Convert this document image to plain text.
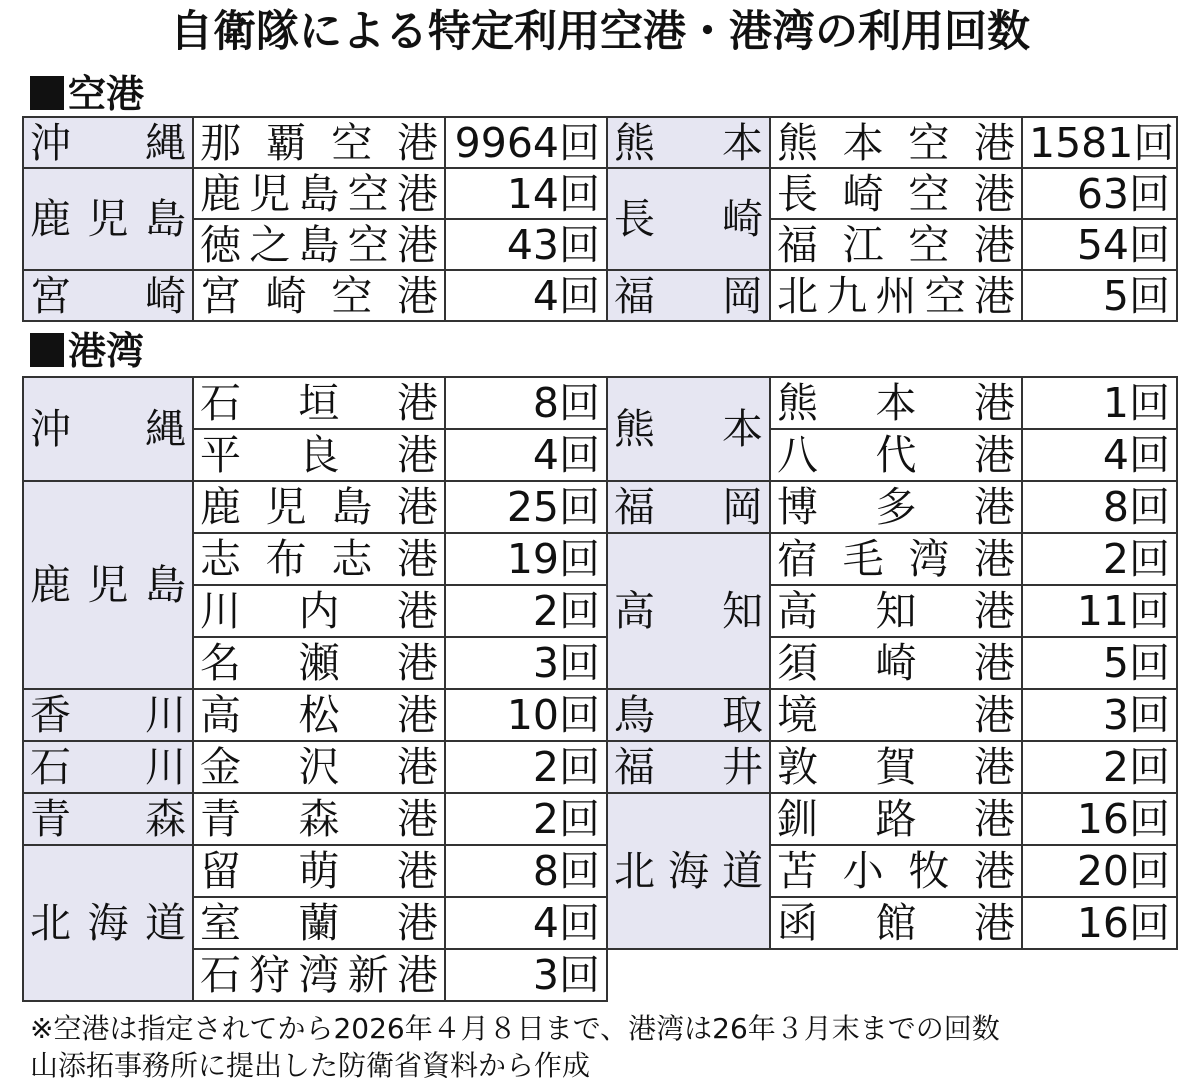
自衛隊による特定利用空港・港湾の利用回数
空港
沖縄	那覇空港	9964回	熊本	熊本空港	1581回
鹿児島	鹿児島空港	14回	長崎	長崎空港	63回
	徳之島空港	43回		福江空港	54回
宮崎	宮崎空港	4回	福岡	北九州空港	5回
港湾
沖縄	石垣港	8回	熊本	熊本港	1回
	平良港	4回		八代港	4回
鹿児島	鹿児島港	25回	福岡	博多港	8回
	志布志港	19回	高知	宿毛湾港	2回
	川内港	2回		高知港	11回
	名瀬港	3回		須崎港	5回
香川	高松港	10回	鳥取	境港	3回
石川	金沢港	2回	福井	敦賀港	2回
青森	青森港	2回	北海道	釧路港	16回
北海道	留萌港	8回		苫小牧港	20回
	室蘭港	4回		函館港	16回
	石狩湾新港	3回			

※空港は指定されてから2026年４月８日まで、港湾は26年３月末までの回数

山添拓事務所に提出した防衛省資料から作成
